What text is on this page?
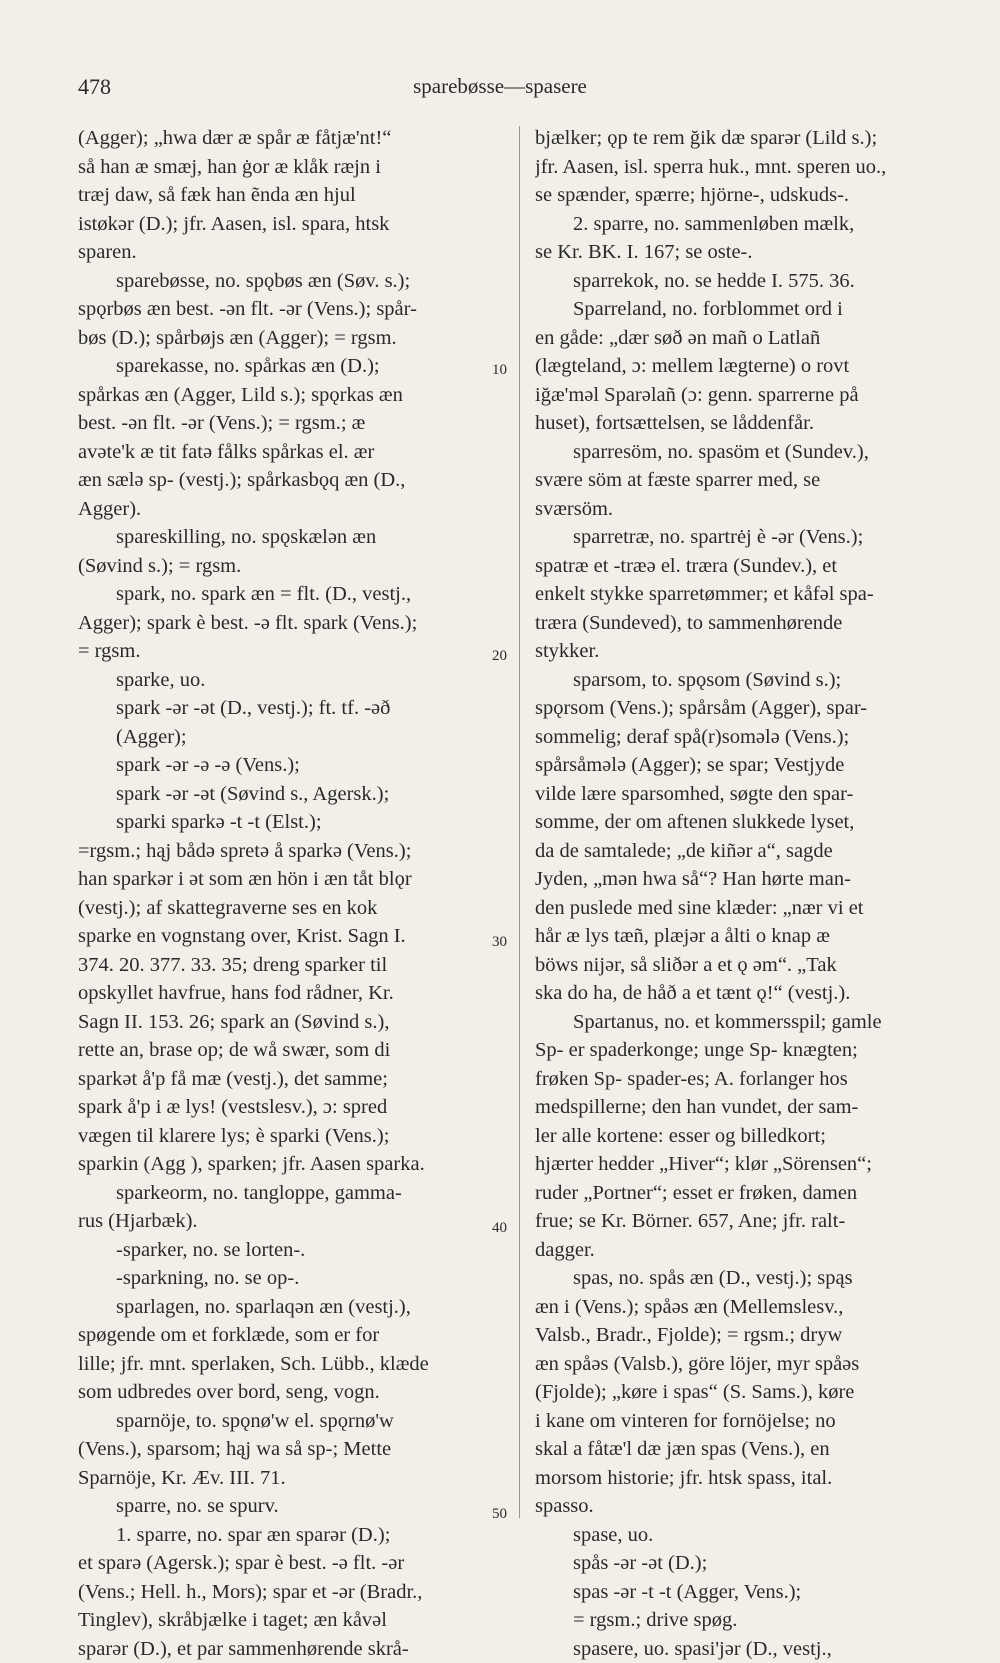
478	sparebøsse—spasere
(Agger); „hwa dær æ spår æ fåtjæ'nt!“
så han æ smæj, han ġor æ klåk ræjn i
træj daw, så fæk han ẽnda æn hjul
istøkər (D.); jfr. Aasen, isl. spara, htsk
sparen.
sparebøsse, no. spǫbøs æn (Søv. s.);
spǫrbøs æn best. -ən flt. -ər (Vens.); spår-
bøs (D.); spårbøjs æn (Agger); = rgsm.
sparekasse, no. spårkas æn (D.);
spårkas æn (Agger, Lild s.); spǫrkas æn
best. -ən flt. -ər (Vens.); = rgsm.; æ
avəte'k æ tit fatə fålks spårkas el. ær
æn sælə sp- (vestj.); spårkasbǫq æn (D.,
Agger).
spareskilling, no. spǫskælən æn
(Søvind s.); = rgsm.
spark, no. spark æn = flt. (D., vestj.,
Agger); spark è best. -ə flt. spark (Vens.);
= rgsm.
sparke, uo.
spark -ər -ət (D., vestj.); ft. tf. -əð
(Agger);
spark -ər -ə -ə (Vens.);
spark -ər -ət (Søvind s., Agersk.);
sparki sparkə -t -t (Elst.);
=rgsm.; hąj bådə spretə å sparkə (Vens.);
han sparkər i ət som æn hön i æn tåt blǫr
(vestj.); af skattegraverne ses en kok
sparke en vognstang over, Krist. Sagn I.
374. 20. 377. 33. 35; dreng sparker til
opskyllet havfrue, hans fod rådner, Kr.
Sagn II. 153. 26; spark an (Søvind s.),
rette an, brase op; de wå swær, som di
sparkət å'p få mæ (vestj.), det samme;
spark å'p i æ lys! (vestslesv.), ɔ: spred
vægen til klarere lys; è sparki (Vens.);
sparkin (Agg ), sparken; jfr. Aasen sparka.
sparkeorm, no. tangloppe, gamma-
rus (Hjarbæk).
-sparker, no. se lorten-.
-sparkning, no. se op-.
sparlagen, no. sparlaqən æn (vestj.),
spøgende om et forklæde, som er for
lille; jfr. mnt. sperlaken, Sch. Lübb., klæde
som udbredes over bord, seng, vogn.
sparnöje, to. spǫnø'w el. spǫrnø'w
(Vens.), sparsom; hąj wa så sp-; Mette
Sparnöje, Kr. Æv. III. 71.
sparre, no. se spurv.
1. sparre, no. spar æn sparər (D.);
et sparə (Agersk.); spar è best. -ə flt. -ər
(Vens.; Hell. h., Mors); spar et -ər (Bradr.,
Tinglev), skråbjælke i taget; æn kåvəl
sparər (D.), et par sammenhørende skrå-
bjælker; ǫp te rem ğik dæ sparər (Lild s.);
jfr. Aasen, isl. sperra huk., mnt. speren uo.,
se spænder, spærre; hjörne-, udskuds-.
2. sparre, no. sammenløben mælk,
se Kr. BK. I. 167; se oste-.
sparrekok, no. se hedde I. 575. 36.
Sparreland, no. forblommet ord i
en gåde: „dær søð ən mañ o Latlañ
(lægteland, ɔ: mellem lægterne) o rovt
iğæ'məl Sparəlañ (ɔ: genn. sparrerne på
huset), fortsættelsen, se låddenfår.
sparresöm, no. spasöm et (Sundev.),
svære söm at fæste sparrer med, se
sværsöm.
sparretræ, no. spartrėj è -ər (Vens.);
spatræ et -træə el. træra (Sundev.), et
enkelt stykke sparretømmer; et kåfəl spa-
træra (Sundeved), to sammenhørende
stykker.
sparsom, to. spǫsom (Søvind s.);
spǫrsom (Vens.); spårsåm (Agger), spar-
sommelig; deraf spå(r)somələ (Vens.);
spårsåmələ (Agger); se spar; Vestjyde
vilde lære sparsomhed, søgte den spar-
somme, der om aftenen slukkede lyset,
da de samtalede; „de kiñər a“, sagde
Jyden, „mən hwa så“? Han hørte man-
den puslede med sine klæder: „nær vi et
hår æ lys tæñ, plæjər a ålti o knap æ
böws nijər, så sliðər a et ǫ əm“. „Tak
ska do ha, de håð a et tænt ǫ!“ (vestj.).
Spartanus, no. et kommersspil; gamle
Sp- er spaderkonge; unge Sp- knægten;
frøken Sp- spader-es; A. forlanger hos
medspillerne; den han vundet, der sam-
ler alle kortene: esser og billedkort;
hjærter hedder „Hiver“; klør „Sörensen“;
ruder „Portner“; esset er frøken, damen
frue; se Kr. Börner. 657, Ane; jfr. ralt-
dagger.
spas, no. spås æn (D., vestj.); spąs
æn i (Vens.); spåəs æn (Mellemslesv.,
Valsb., Bradr., Fjolde); = rgsm.; dryw
æn spåəs (Valsb.), göre löjer, myr spåəs
(Fjolde); „køre i spas“ (S. Sams.), køre
i kane om vinteren for fornöjelse; no
skal a fåtæ'l dæ jæn spas (Vens.), en
morsom historie; jfr. htsk spass, ital.
spasso.
spase, uo.
spås -ər -ət (D.);
spas -ər -t -t (Agger, Vens.);
= rgsm.; drive spøg.
spasere, uo. spasi'jər (D., vestj.,
10
20
30
40
50
